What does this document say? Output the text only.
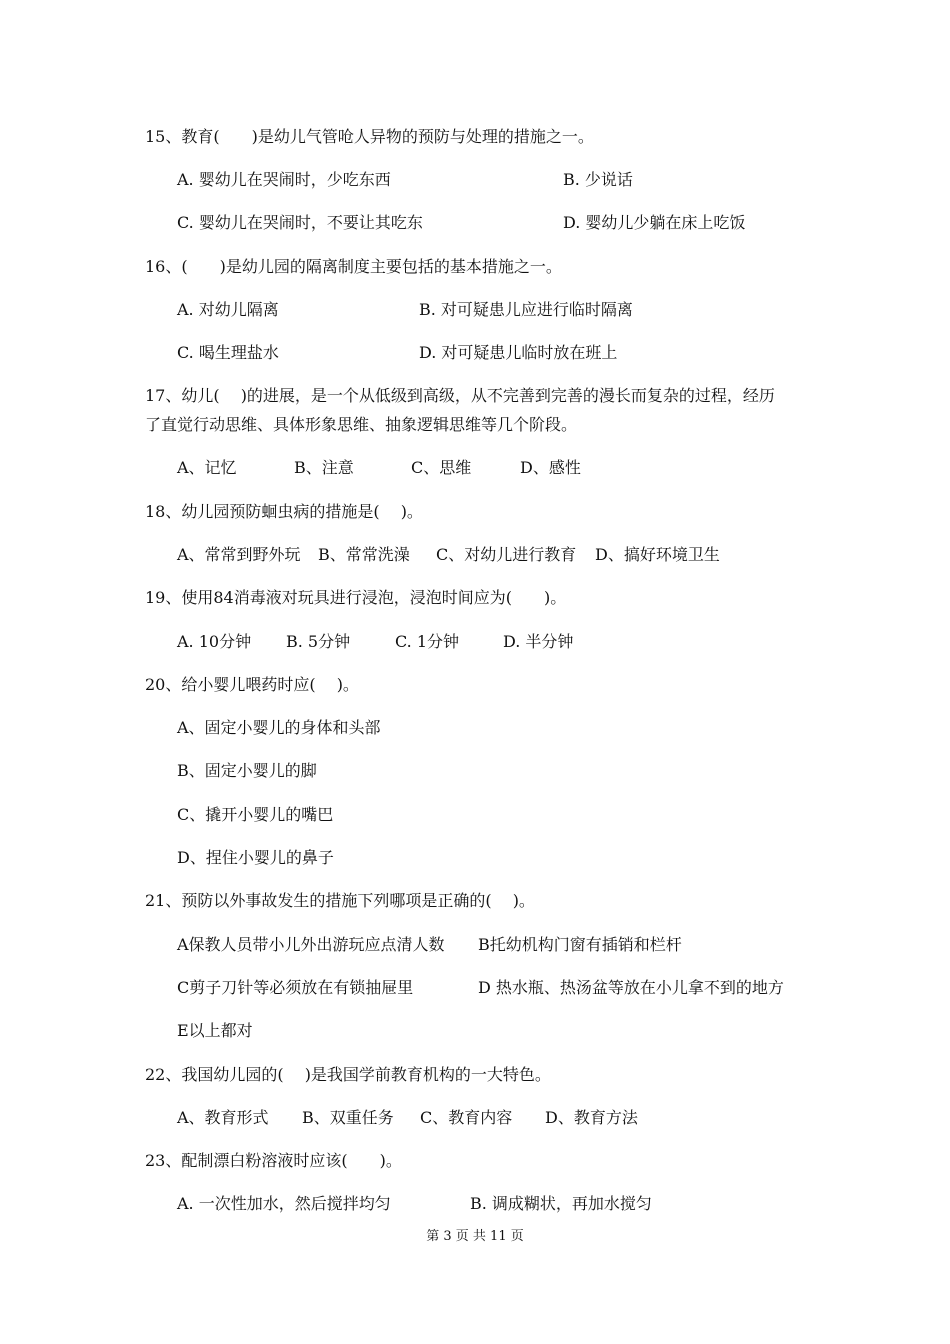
15、教育(　　)是幼儿气管呛人异物的预防与处理的措施之一。
A. 婴幼儿在哭闹时，少吃东西	B. 少说话
C. 婴幼儿在哭闹时，不要让其吃东	D. 婴幼儿少躺在床上吃饭
16、(　　)是幼儿园的隔离制度主要包括的基本措施之一。
A. 对幼儿隔离	B. 对可疑患儿应进行临时隔离
C. 喝生理盐水	D. 对可疑患儿临时放在班上
17、幼儿(　 )的进展，是一个从低级到高级，从不完善到完善的漫长而复杂的过程，经历
了直觉行动思维、具体形象思维、抽象逻辑思维等几个阶段。
A、记忆	B、注意	C、思维	D、感性
18、幼儿园预防蛔虫病的措施是(　 )。
A、常常到野外玩 B、常常洗澡 C、对幼儿进行教育 D、搞好环境卫生
19、使用84消毒液对玩具进行浸泡，浸泡时间应为(　　)。
A. 10分钟 B. 5分钟	C. 1分钟	D. 半分钟
20、给小婴儿喂药时应(　 )。
A、固定小婴儿的身体和头部
B、固定小婴儿的脚
C、撬开小婴儿的嘴巴
D、捏住小婴儿的鼻子
21、预防以外事故发生的措施下列哪项是正确的(　 )。
A保教人员带小儿外出游玩应点清人数 B托幼机构门窗有插销和栏杆
C剪子刀针等必须放在有锁抽屉里	D 热水瓶、热汤盆等放在小儿拿不到的地方
E以上都对
22、我国幼儿园的(　 )是我国学前教育机构的一大特色。
A、教育形式 B、双重任务 C、教育内容 D、教育方法
23、配制漂白粉溶液时应该(　　)。
A. 一次性加水，然后搅拌均匀	B. 调成糊状，再加水搅匀
第 3 页 共 11 页
